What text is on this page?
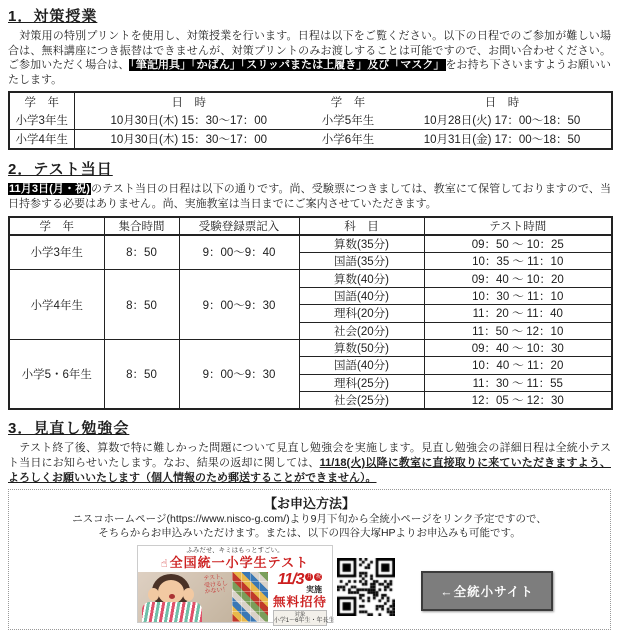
1．対策授業

　対策用の特別プリントを使用し、対策授業を行います。日程は以下をご覧ください。以下の日程でのご参加が難しい場合は、無料講座につき振替はできませんが、対策プリントのみお渡しすることは可能ですので、お問い合わせください。ご参加いただく場合は、「筆記用具」「かばん」「スリッパまたは上履き」及び「マスク」をお持ち下さいますようお願いいたします。

学　年	日　時	学　年	日　時
小学3年生	10月30日(木) 15：30～17：00	小学5年生	10月28日(火) 17：00～18：50
小学4年生	10月30日(木) 15：30～17：00	小学6年生	10月31日(金) 17：00～18：50
2．テスト当日

11月3日(月・祝)のテスト当日の日程は以下の通りです。尚、受験票につきましては、教室にて保管しておりますので、当日持参する必要はありません。尚、実施教室は当日までにご案内させていただきます。

学　年	集合時間	受験登録票記入	科　目	テスト時間
小学3年生	8：50	9：00～9：40	算数(35分)	09：50 ～ 10：25
			国語(35分)	10：35 ～ 11：10
小学4年生	8：50	9：00～9：30	算数(40分)	09：40 ～ 10：20
			国語(40分)	10：30 ～ 11：10
			理科(20分)	11：20 ～ 11：40
			社会(20分)	11：50 ～ 12：10
小学5・6年生	8：50	9：00～9：30	算数(50分)	09：40 ～ 10：30
			国語(40分)	10：40 ～ 11：20
			理科(25分)	11：30 ～ 11：55
			社会(25分)	12：05 ～ 12：30
3．見直し勉強会

　テスト終了後、算数で特に難しかった問題について見直し勉強会を実施します。見直し勉強会の詳細日程は全統小テスト当日にお知らせいたします。なお、結果の返却に関しては、11/18(火)以降に教室に直接取りに来ていただきますよう、よろしくお願いいたします（個人情報のため郵送することができません）。

【お申込方法】
ニスコホームページ(https://www.nisco-g.com/)より9月下旬から全統小ページをリンク予定ですので、
そちらからお申込みいただけます。または、以下の四谷大塚HPよりお申込みも可能です。
ふみだせ、キミはもっとすごい。
☝全国統一小学生テスト
テスト、受けるしかない！
11/3 月 祝
実施
無料招待
対象
小学1～6年生・年長生
←全統小サイト
